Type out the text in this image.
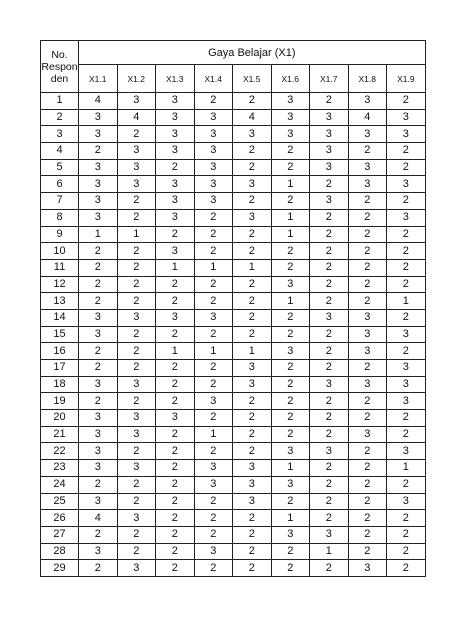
No.
Respon
den	Gaya Belajar (X1)								
	X1.1	X1.2	X1.3	X1.4	X1.5	X1.6	X1.7	X1.8	X1.9
1	4	3	3	2	2	3	2	3	2
2	3	4	3	3	4	3	3	4	3
3	3	2	3	3	3	3	3	3	3
4	2	3	3	3	2	2	3	2	2
5	3	3	2	3	2	2	3	3	2
6	3	3	3	3	3	1	2	3	3
7	3	2	3	3	2	2	3	2	2
8	3	2	3	2	3	1	2	2	3
9	1	1	2	2	2	1	2	2	2
10	2	2	3	2	2	2	2	2	2
11	2	2	1	1	1	2	2	2	2
12	2	2	2	2	2	3	2	2	2
13	2	2	2	2	2	1	2	2	1
14	3	3	3	3	2	2	3	3	2
15	3	2	2	2	2	2	2	3	3
16	2	2	1	1	1	3	2	3	2
17	2	2	2	2	3	2	2	2	3
18	3	3	2	2	3	2	3	3	3
19	2	2	2	3	2	2	2	2	3
20	3	3	3	2	2	2	2	2	2
21	3	3	2	1	2	2	2	3	2
22	3	2	2	2	2	3	3	2	3
23	3	3	2	3	3	1	2	2	1
24	2	2	2	3	3	3	2	2	2
25	3	2	2	2	3	2	2	2	3
26	4	3	2	2	2	1	2	2	2
27	2	2	2	2	2	3	3	2	2
28	3	2	2	3	2	2	1	2	2
29	2	3	2	2	2	2	2	3	2
